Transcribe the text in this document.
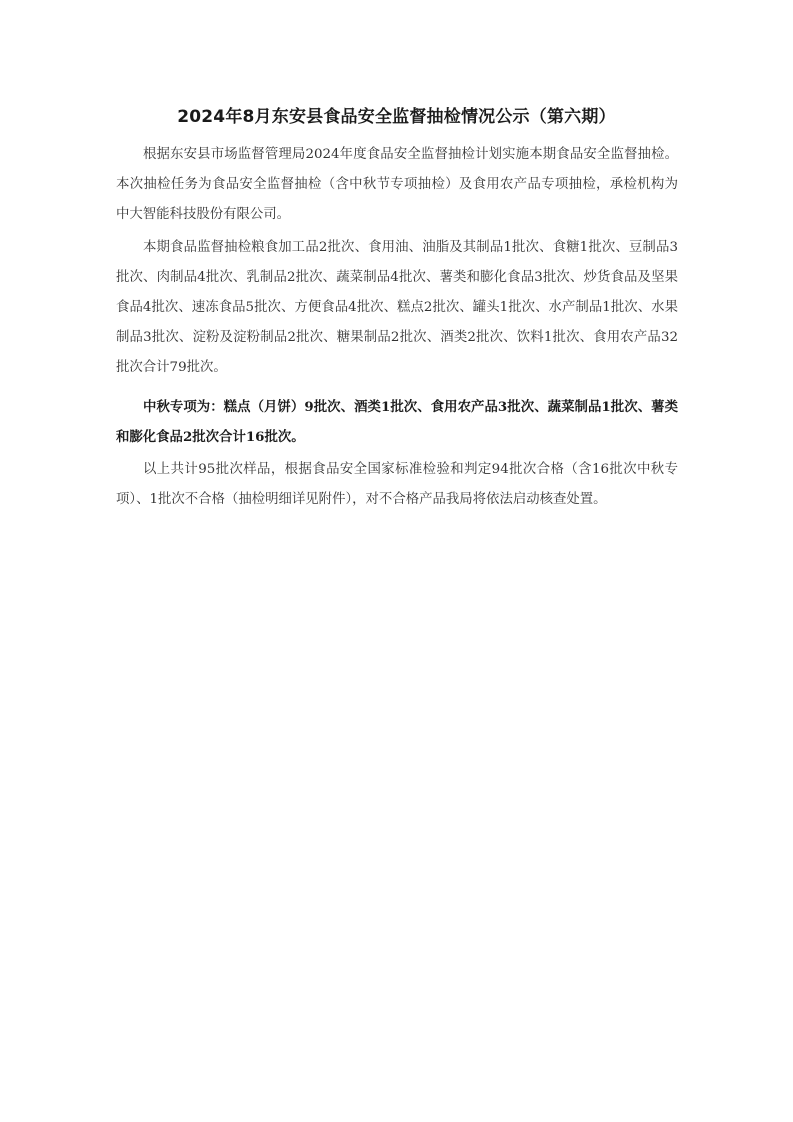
2024年8月东安县食品安全监督抽检情况公示（第六期）

根据东安县市场监督管理局2024年度食品安全监督抽检计划实施本期食品安全监督抽检。本次抽检任务为食品安全监督抽检（含中秋节专项抽检）及食用农产品专项抽检，承检机构为中大智能科技股份有限公司。

本期食品监督抽检粮食加工品2批次、食用油、油脂及其制品1批次、食糖1批次、豆制品3批次、肉制品4批次、乳制品2批次、蔬菜制品4批次、薯类和膨化食品3批次、炒货食品及坚果食品4批次、速冻食品5批次、方便食品4批次、糕点2批次、罐头1批次、水产制品1批次、水果制品3批次、淀粉及淀粉制品2批次、糖果制品2批次、酒类2批次、饮料1批次、食用农产品32批次合计79批次。

中秋专项为：糕点（月饼）9批次、酒类1批次、食用农产品3批次、蔬菜制品1批次、薯类和膨化食品2批次合计16批次。

以上共计95批次样品，根据食品安全国家标准检验和判定94批次合格（含16批次中秋专项）、1批次不合格（抽检明细详见附件），对不合格产品我局将依法启动核查处置。
